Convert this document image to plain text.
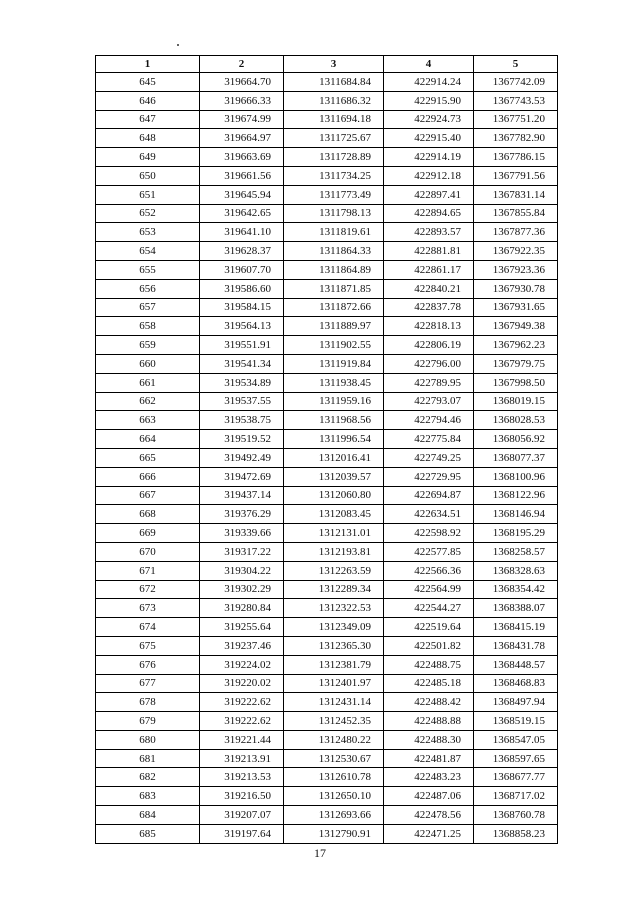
1	2	3	4	5
645	319664.70	1311684.84	422914.24	1367742.09
646	319666.33	1311686.32	422915.90	1367743.53
647	319674.99	1311694.18	422924.73	1367751.20
648	319664.97	1311725.67	422915.40	1367782.90
649	319663.69	1311728.89	422914.19	1367786.15
650	319661.56	1311734.25	422912.18	1367791.56
651	319645.94	1311773.49	422897.41	1367831.14
652	319642.65	1311798.13	422894.65	1367855.84
653	319641.10	1311819.61	422893.57	1367877.36
654	319628.37	1311864.33	422881.81	1367922.35
655	319607.70	1311864.89	422861.17	1367923.36
656	319586.60	1311871.85	422840.21	1367930.78
657	319584.15	1311872.66	422837.78	1367931.65
658	319564.13	1311889.97	422818.13	1367949.38
659	319551.91	1311902.55	422806.19	1367962.23
660	319541.34	1311919.84	422796.00	1367979.75
661	319534.89	1311938.45	422789.95	1367998.50
662	319537.55	1311959.16	422793.07	1368019.15
663	319538.75	1311968.56	422794.46	1368028.53
664	319519.52	1311996.54	422775.84	1368056.92
665	319492.49	1312016.41	422749.25	1368077.37
666	319472.69	1312039.57	422729.95	1368100.96
667	319437.14	1312060.80	422694.87	1368122.96
668	319376.29	1312083.45	422634.51	1368146.94
669	319339.66	1312131.01	422598.92	1368195.29
670	319317.22	1312193.81	422577.85	1368258.57
671	319304.22	1312263.59	422566.36	1368328.63
672	319302.29	1312289.34	422564.99	1368354.42
673	319280.84	1312322.53	422544.27	1368388.07
674	319255.64	1312349.09	422519.64	1368415.19
675	319237.46	1312365.30	422501.82	1368431.78
676	319224.02	1312381.79	422488.75	1368448.57
677	319220.02	1312401.97	422485.18	1368468.83
678	319222.62	1312431.14	422488.42	1368497.94
679	319222.62	1312452.35	422488.88	1368519.15
680	319221.44	1312480.22	422488.30	1368547.05
681	319213.91	1312530.67	422481.87	1368597.65
682	319213.53	1312610.78	422483.23	1368677.77
683	319216.50	1312650.10	422487.06	1368717.02
684	319207.07	1312693.66	422478.56	1368760.78
685	319197.64	1312790.91	422471.25	1368858.23
17
